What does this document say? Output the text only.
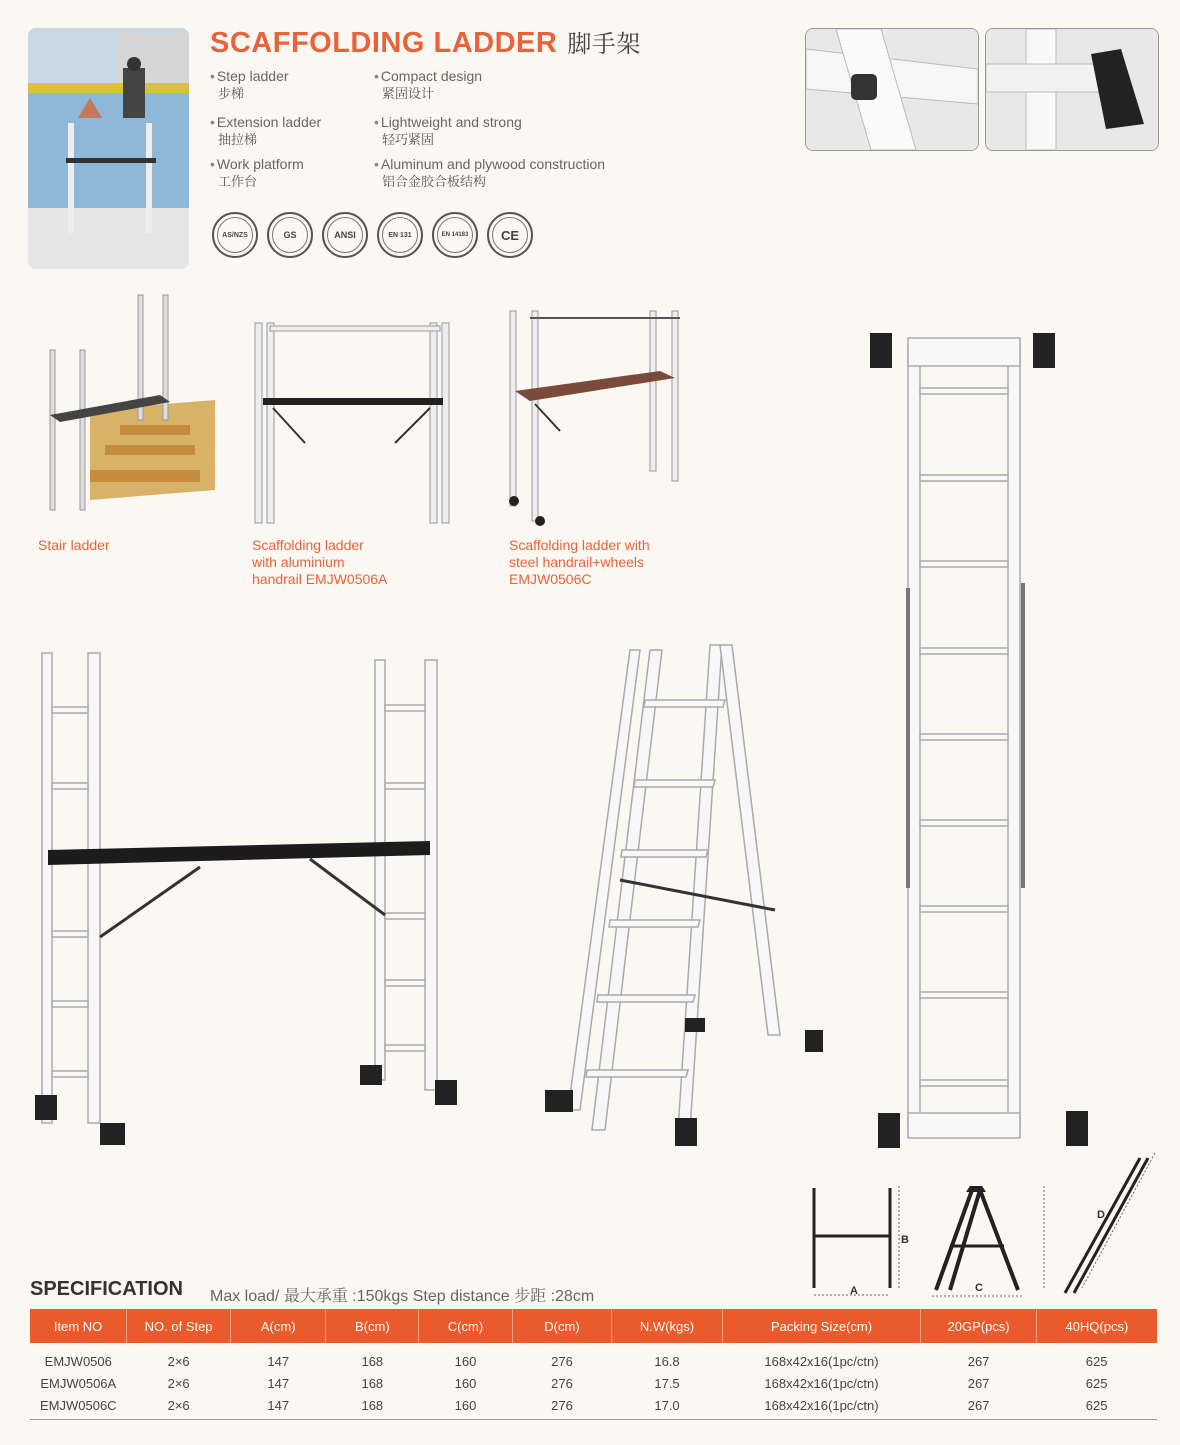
SCAFFOLDING LADDER 脚手架
• Step ladder
步梯
• Extension ladder
抽拉梯
• Work platform
工作台
• Compact design
紧固设计
• Lightweight and strong
轻巧紧固
• Aluminum and plywood construction
铝合金胶合板结构
AS/NZS	GS	ANSI	EN 131	EN 14183	CE
Stair ladder	Scaffolding ladder
with aluminium
handrail EMJW0506A
Scaffolding ladder with
steel handrail+wheels
EMJW0506C
B
A	C
D
SPECIFICATION Max load/ 最大承重 :150kgs Step distance 步距 :28cm
Item NO	NO. of Step	A(cm)	B(cm)	C(cm)	D(cm)	N.W(kgs)	Packing Size(cm)	20GP(pcs)	40HQ(pcs)
EMJW0506	2×6	147	168	160	276	16.8	168x42x16(1pc/ctn)	267	625
EMJW0506A	2×6	147	168	160	276	17.5	168x42x16(1pc/ctn)	267	625
EMJW0506C	2×6	147	168	160	276	17.0	168x42x16(1pc/ctn)	267	625
